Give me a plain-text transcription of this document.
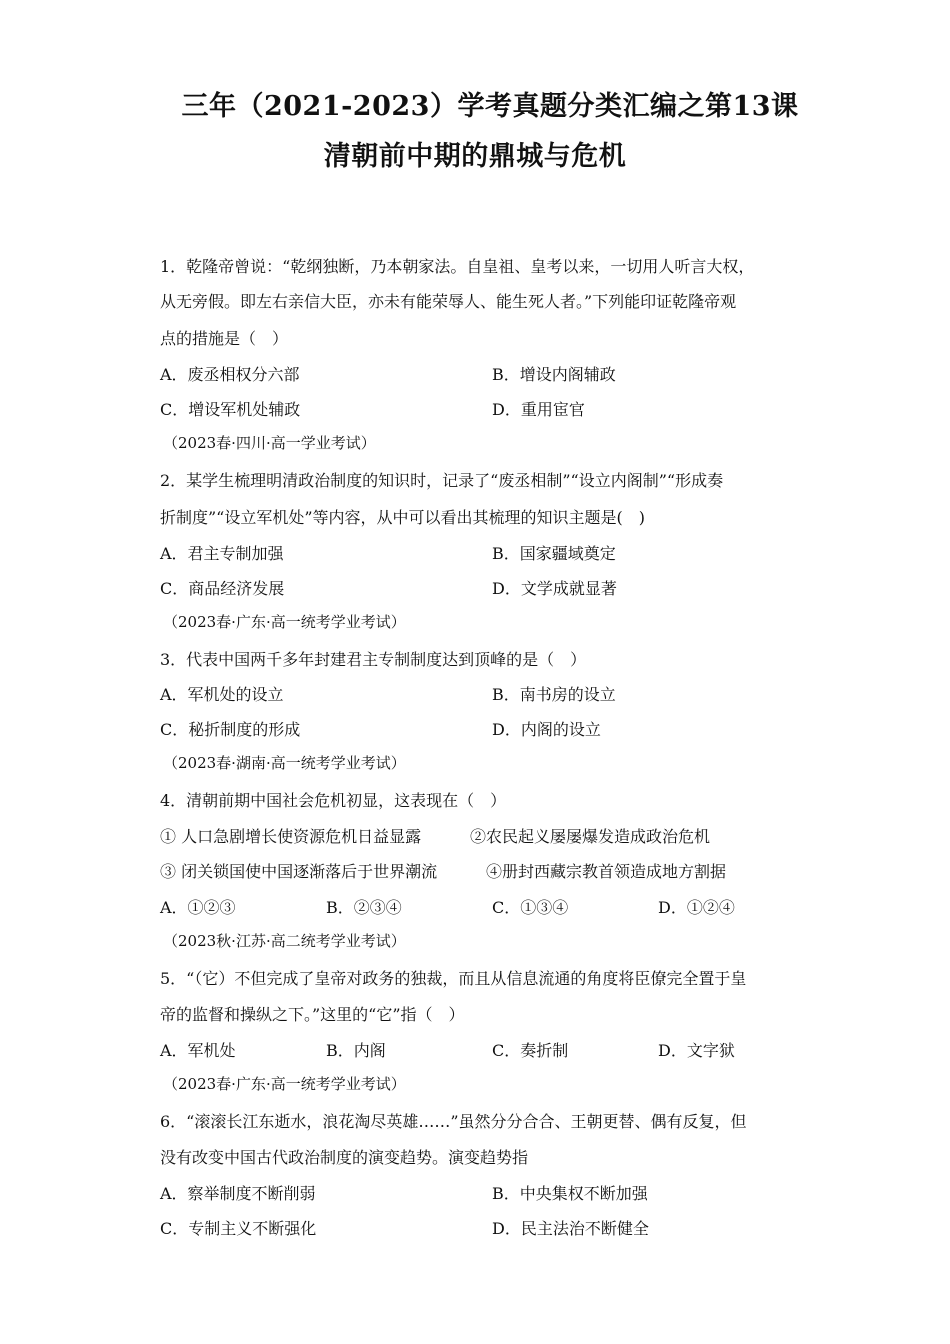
三年（2021-2023）学考真题分类汇编之第13课
清朝前中期的鼎城与危机
1．乾隆帝曾说：“乾纲独断，乃本朝家法。自皇祖、皇考以来，一切用人听言大权，
从无旁假。即左右亲信大臣，亦未有能荣辱人、能生死人者。”下列能印证乾隆帝观
点的措施是（　）
A．废丞相权分六部	B．增设内阁辅政
C．增设军机处辅政	D．重用宦官
（2023春·四川·高一学业考试）
2．某学生梳理明清政治制度的知识时，记录了“废丞相制”“设立内阁制”“形成奏
折制度”“设立军机处”等内容，从中可以看出其梳理的知识主题是(　)
A．君主专制加强	B．国家疆域奠定
C．商品经济发展	D．文学成就显著
（2023春·广东·高一统考学业考试）
3．代表中国两千多年封建君主专制制度达到顶峰的是（　）
A．军机处的设立	B．南书房的设立
C．秘折制度的形成	D．内阁的设立
（2023春·湖南·高一统考学业考试）
4．清朝前期中国社会危机初显，这表现在（　）
① 人口急剧增长使资源危机日益显露	②农民起义屡屡爆发造成政治危机
③ 闭关锁国使中国逐渐落后于世界潮流	④册封西藏宗教首领造成地方割据
A．①②③	B．②③④	C．①③④	D．①②④
（2023秋·江苏·高二统考学业考试）
5．“（它）不但完成了皇帝对政务的独裁，而且从信息流通的角度将臣僚完全置于皇
帝的监督和操纵之下。”这里的“它”指（　）
A．军机处	B．内阁	C．奏折制	D．文字狱
（2023春·广东·高一统考学业考试）
6．“滚滚长江东逝水，浪花淘尽英雄……”虽然分分合合、王朝更替、偶有反复，但
没有改变中国古代政治制度的演变趋势。演变趋势指
A．察举制度不断削弱	B．中央集权不断加强
C．专制主义不断强化	D．民主法治不断健全
